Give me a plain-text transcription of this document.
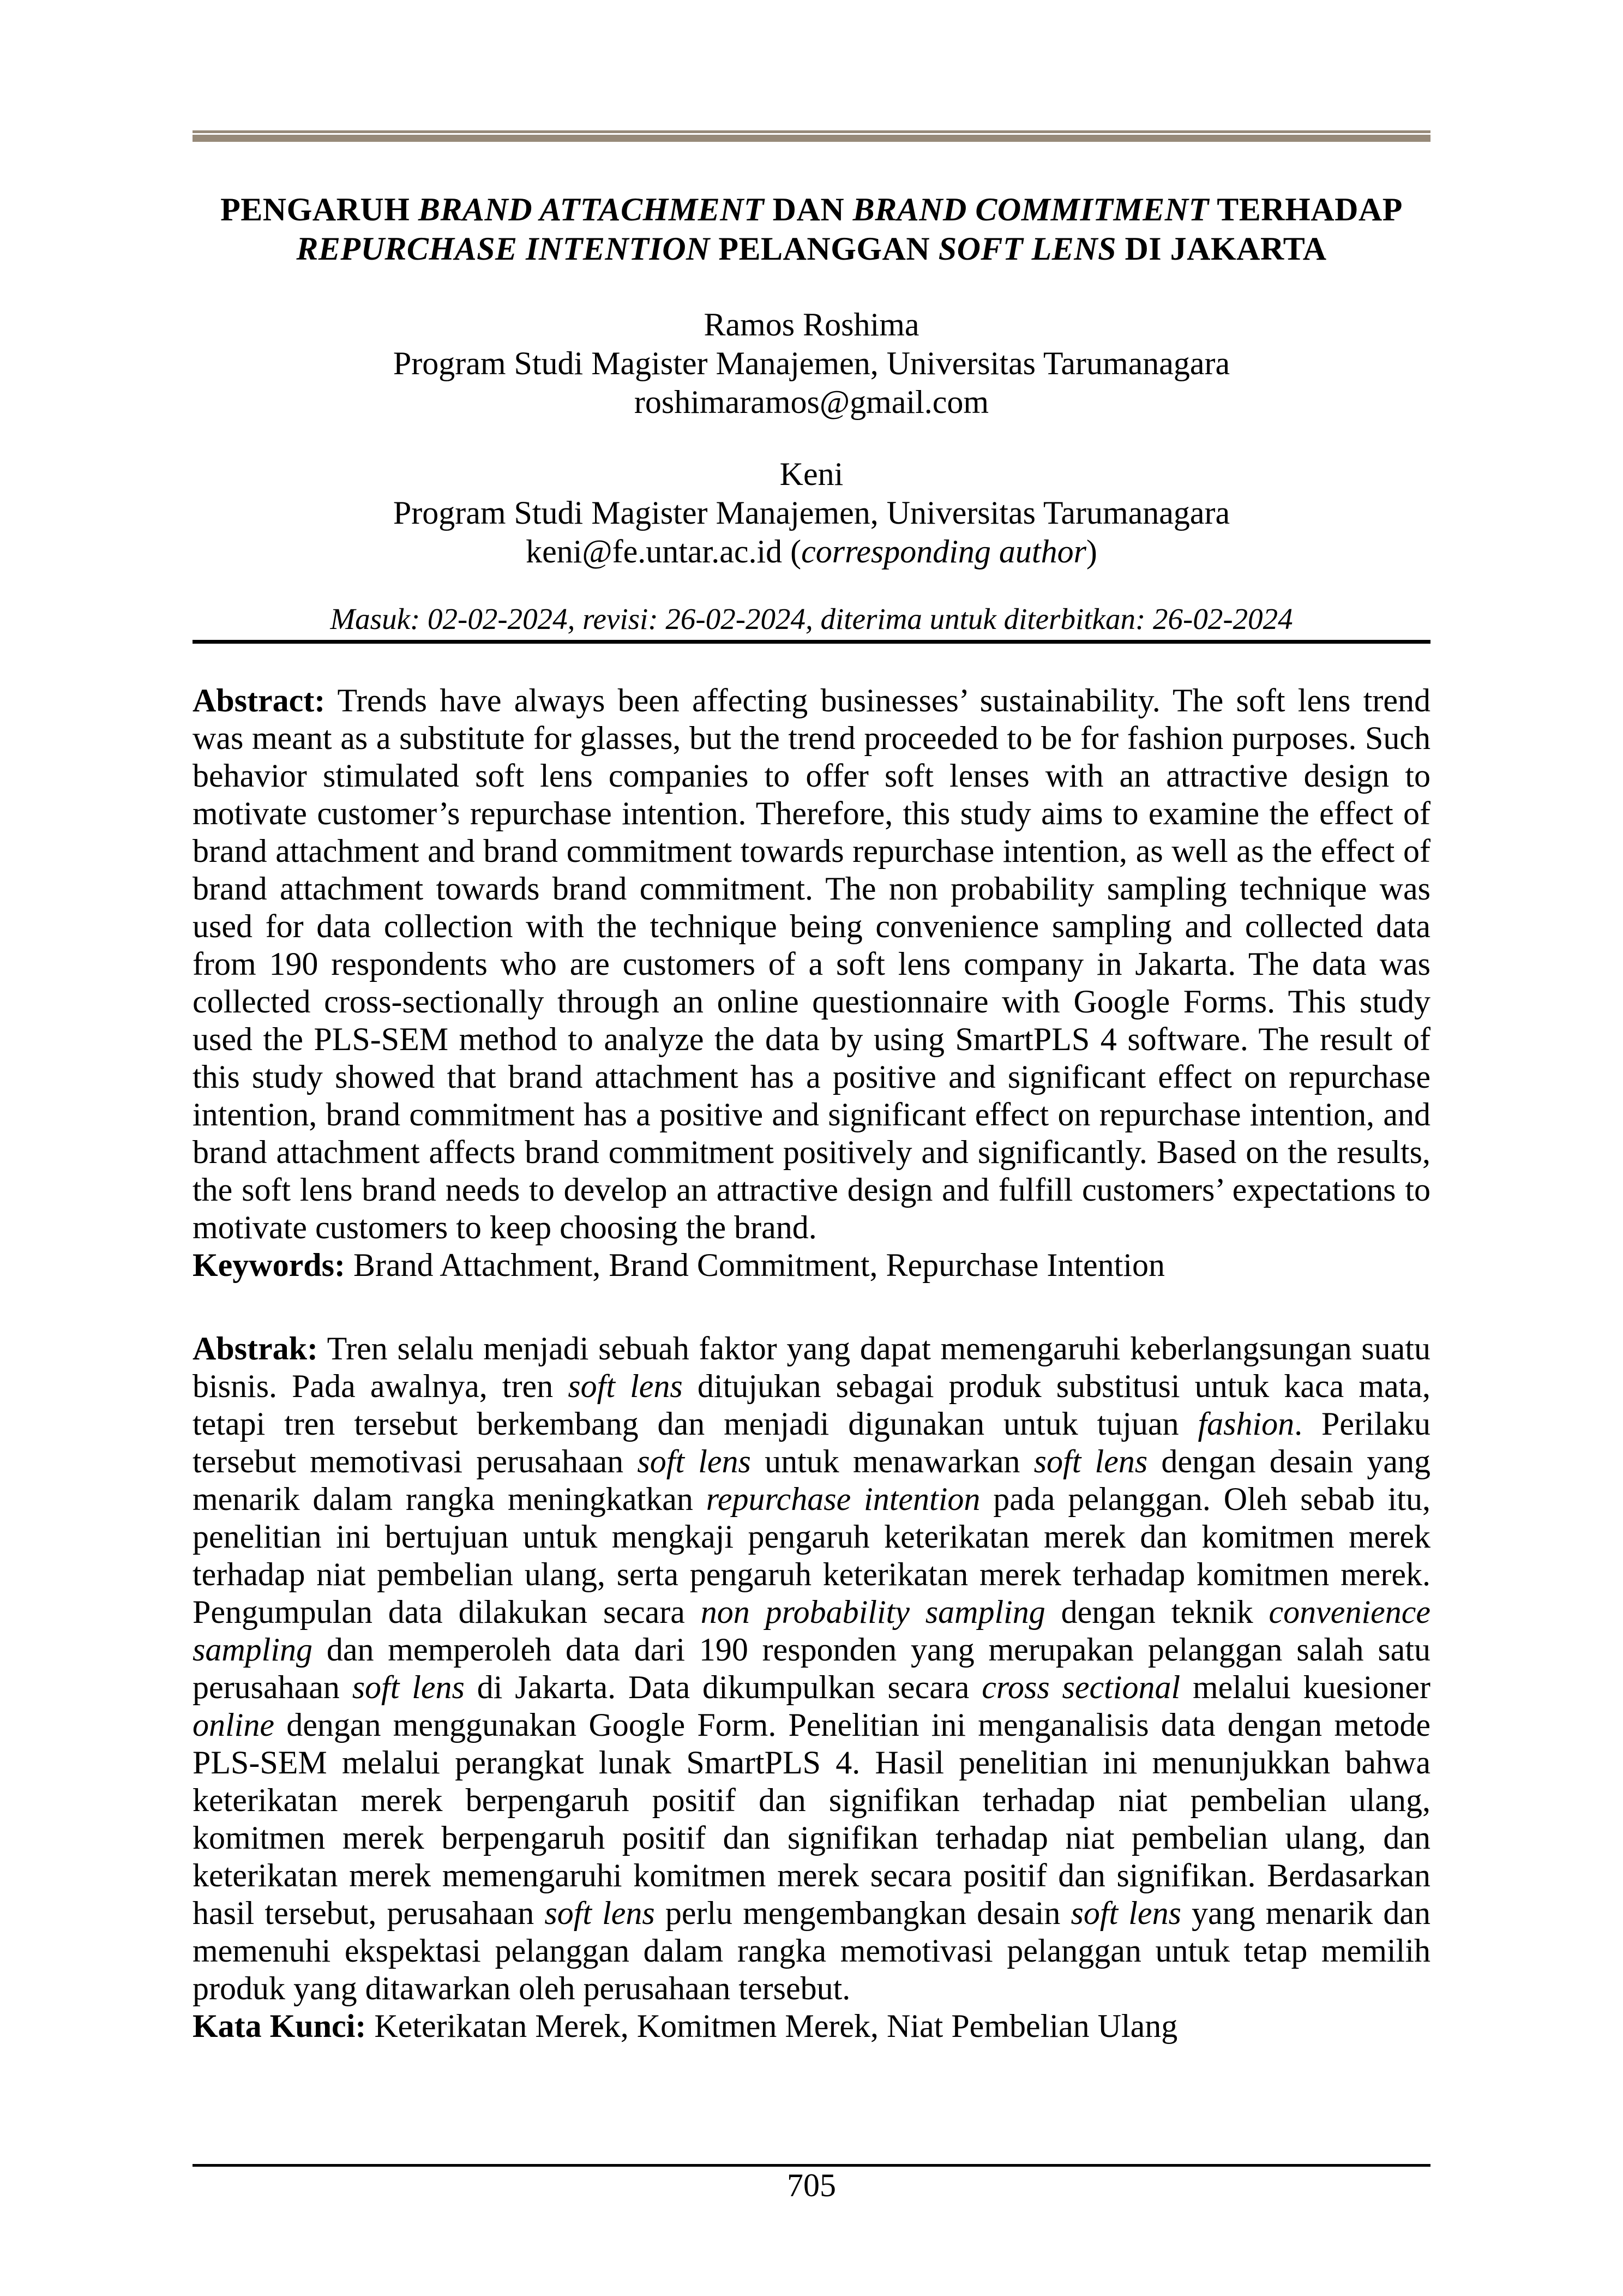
PENGARUH BRAND ATTACHMENT DAN BRAND COMMITMENT TERHADAP
REPURCHASE INTENTION PELANGGAN SOFT LENS DI JAKARTA
Ramos Roshima
Program Studi Magister Manajemen, Universitas Tarumanagara
roshimaramos@gmail.com
Keni
Program Studi Magister Manajemen, Universitas Tarumanagara
keni@fe.untar.ac.id (corresponding author)
Masuk: 02-02-2024, revisi: 26-02-2024, diterima untuk diterbitkan: 26-02-2024
Abstract: Trends have always been affecting businesses’ sustainability. The soft lens trend was meant as a substitute for glasses, but the trend proceeded to be for fashion purposes. Such behavior stimulated soft lens companies to offer soft lenses with an attractive design to motivate customer’s repurchase intention. Therefore, this study aims to examine the effect of brand attachment and brand commitment towards repurchase intention, as well as the effect of brand attachment towards brand commitment. The non probability sampling technique was used for data collection with the technique being convenience sampling and collected data from 190 respondents who are customers of a soft lens company in Jakarta. The data was collected cross-sectionally through an online questionnaire with Google Forms. This study used the PLS-SEM method to analyze the data by using SmartPLS 4 software. The result of this study showed that brand attachment has a positive and significant effect on repurchase intention, brand commitment has a positive and significant effect on repurchase intention, and brand attachment affects brand commitment positively and significantly. Based on the results, the soft lens brand needs to develop an attractive design and fulfill customers’ expectations to motivate customers to keep choosing the brand.
Keywords: Brand Attachment, Brand Commitment, Repurchase Intention
Abstrak: Tren selalu menjadi sebuah faktor yang dapat memengaruhi keberlangsungan suatu bisnis. Pada awalnya, tren soft lens ditujukan sebagai produk substitusi untuk kaca mata, tetapi tren tersebut berkembang dan menjadi digunakan untuk tujuan fashion. Perilaku tersebut memotivasi perusahaan soft lens untuk menawarkan soft lens dengan desain yang menarik dalam rangka meningkatkan repurchase intention pada pelanggan. Oleh sebab itu, penelitian ini bertujuan untuk mengkaji pengaruh keterikatan merek dan komitmen merek terhadap niat pembelian ulang, serta pengaruh keterikatan merek terhadap komitmen merek. Pengumpulan data dilakukan secara non probability sampling dengan teknik convenience sampling dan memperoleh data dari 190 responden yang merupakan pelanggan salah satu perusahaan soft lens di Jakarta. Data dikumpulkan secara cross sectional melalui kuesioner online dengan menggunakan Google Form. Penelitian ini menganalisis data dengan metode PLS-SEM melalui perangkat lunak SmartPLS 4. Hasil penelitian ini menunjukkan bahwa keterikatan merek berpengaruh positif dan signifikan terhadap niat pembelian ulang, komitmen merek berpengaruh positif dan signifikan terhadap niat pembelian ulang, dan keterikatan merek memengaruhi komitmen merek secara positif dan signifikan. Berdasarkan hasil tersebut, perusahaan soft lens perlu mengembangkan desain soft lens yang menarik dan memenuhi ekspektasi pelanggan dalam rangka memotivasi pelanggan untuk tetap memilih produk yang ditawarkan oleh perusahaan tersebut.
Kata Kunci: Keterikatan Merek, Komitmen Merek, Niat Pembelian Ulang
705
